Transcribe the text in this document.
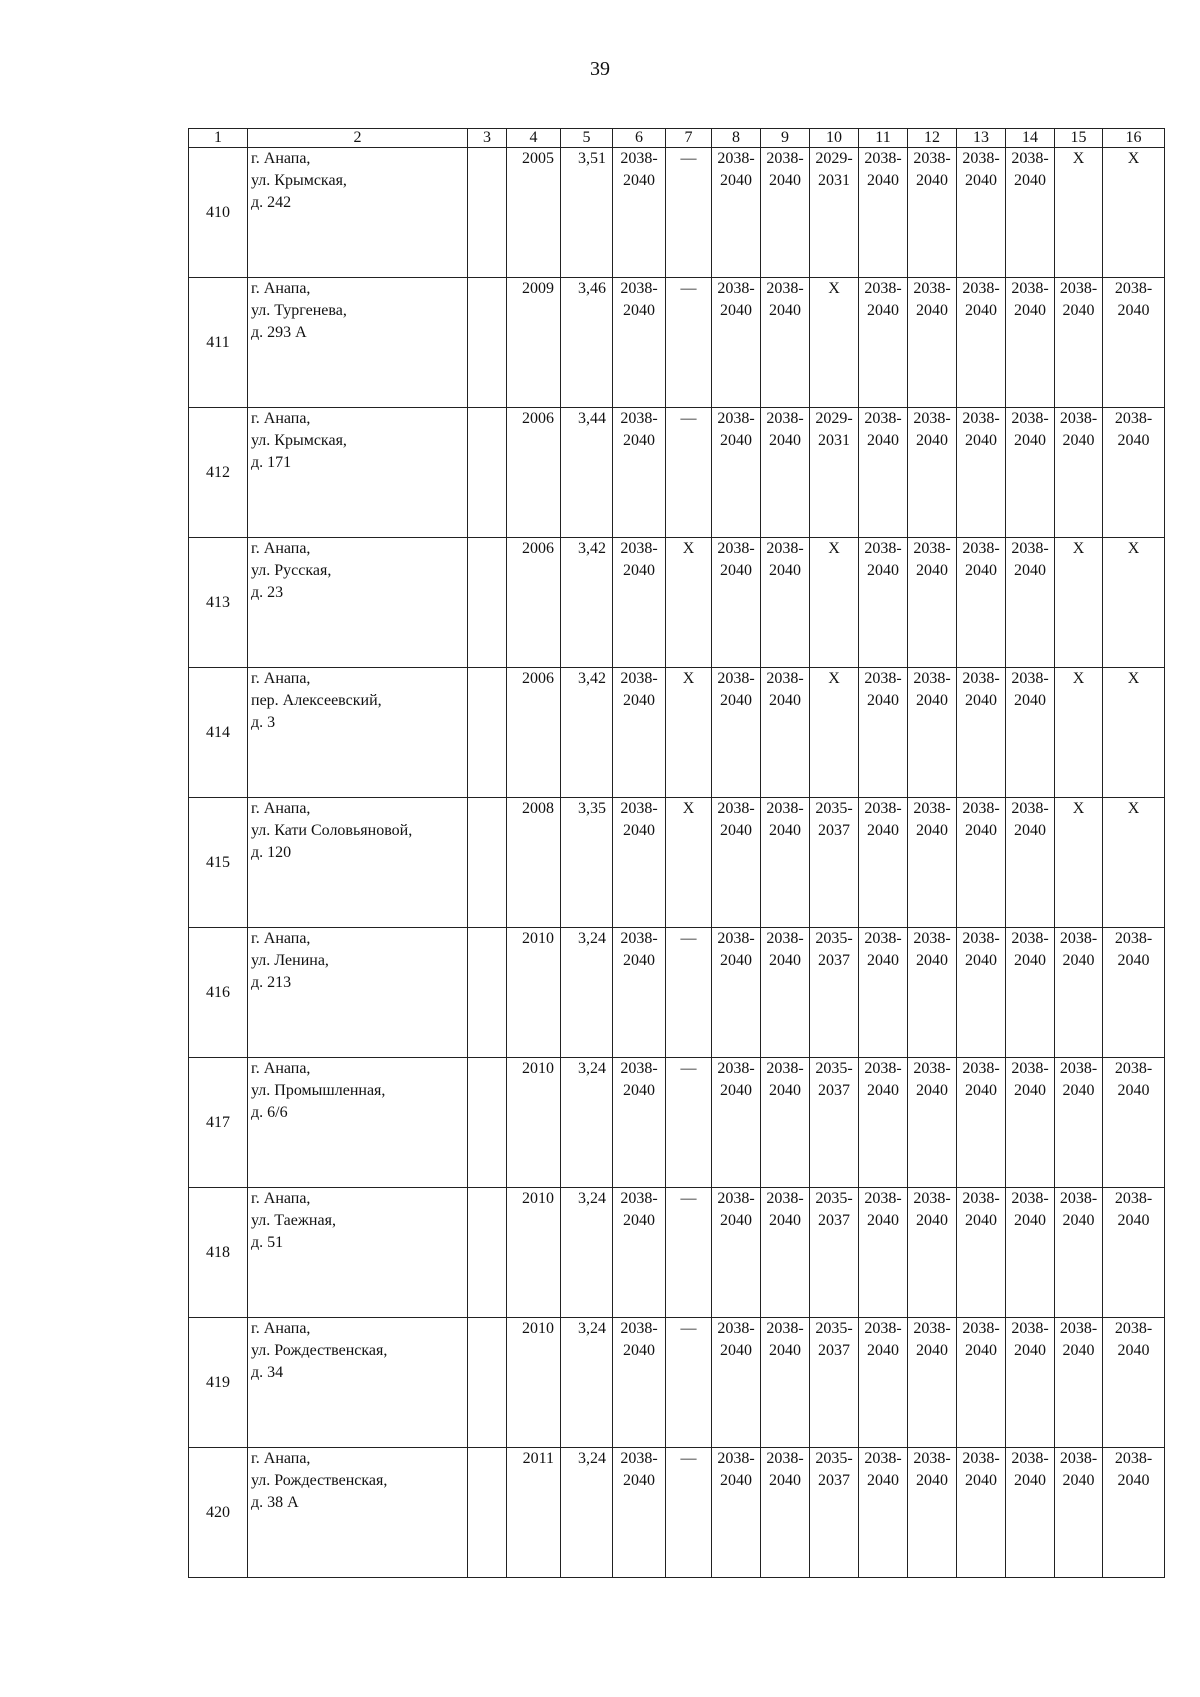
39
1	2	3	4	5	6	7	8	9	10	11	12	13	14	15	16
410	г. Анапа,
ул. Крымская,
д. 242		2005	3,51	2038-
2040	—	2038-
2040	2038-
2040	2029-
2031	2038-
2040	2038-
2040	2038-
2040	2038-
2040	Х	Х

411	г. Анапа,
ул. Тургенева,
д. 293 А		2009	3,46	2038-
2040	—	2038-
2040	2038-
2040	Х	2038-
2040	2038-
2040	2038-
2040	2038-
2040	2038-
2040	2038-
2040

412	г. Анапа,
ул. Крымская,
д. 171		2006	3,44	2038-
2040	—	2038-
2040	2038-
2040	2029-
2031	2038-
2040	2038-
2040	2038-
2040	2038-
2040	2038-
2040	2038-
2040

413	г. Анапа,
ул. Русская,
д. 23		2006	3,42	2038-
2040	Х	2038-
2040	2038-
2040	Х	2038-
2040	2038-
2040	2038-
2040	2038-
2040	Х	Х

414	г. Анапа,
пер. Алексеевский,
д. 3		2006	3,42	2038-
2040	Х	2038-
2040	2038-
2040	Х	2038-
2040	2038-
2040	2038-
2040	2038-
2040	Х	Х

415	г. Анапа,
ул. Кати Соловьяновой,
д. 120		2008	3,35	2038-
2040	Х	2038-
2040	2038-
2040	2035-
2037	2038-
2040	2038-
2040	2038-
2040	2038-
2040	Х	Х

416	г. Анапа,
ул. Ленина,
д. 213		2010	3,24	2038-
2040	—	2038-
2040	2038-
2040	2035-
2037	2038-
2040	2038-
2040	2038-
2040	2038-
2040	2038-
2040	2038-
2040

417	г. Анапа,
ул. Промышленная,
д. 6/6		2010	3,24	2038-
2040	—	2038-
2040	2038-
2040	2035-
2037	2038-
2040	2038-
2040	2038-
2040	2038-
2040	2038-
2040	2038-
2040

418	г. Анапа,
ул. Таежная,
д. 51		2010	3,24	2038-
2040	—	2038-
2040	2038-
2040	2035-
2037	2038-
2040	2038-
2040	2038-
2040	2038-
2040	2038-
2040	2038-
2040

419	г. Анапа,
ул. Рождественская,
д. 34		2010	3,24	2038-
2040	—	2038-
2040	2038-
2040	2035-
2037	2038-
2040	2038-
2040	2038-
2040	2038-
2040	2038-
2040	2038-
2040

420	г. Анапа,
ул. Рождественская,
д. 38 А		2011	3,24	2038-
2040	—	2038-
2040	2038-
2040	2035-
2037	2038-
2040	2038-
2040	2038-
2040	2038-
2040	2038-
2040	2038-
2040
